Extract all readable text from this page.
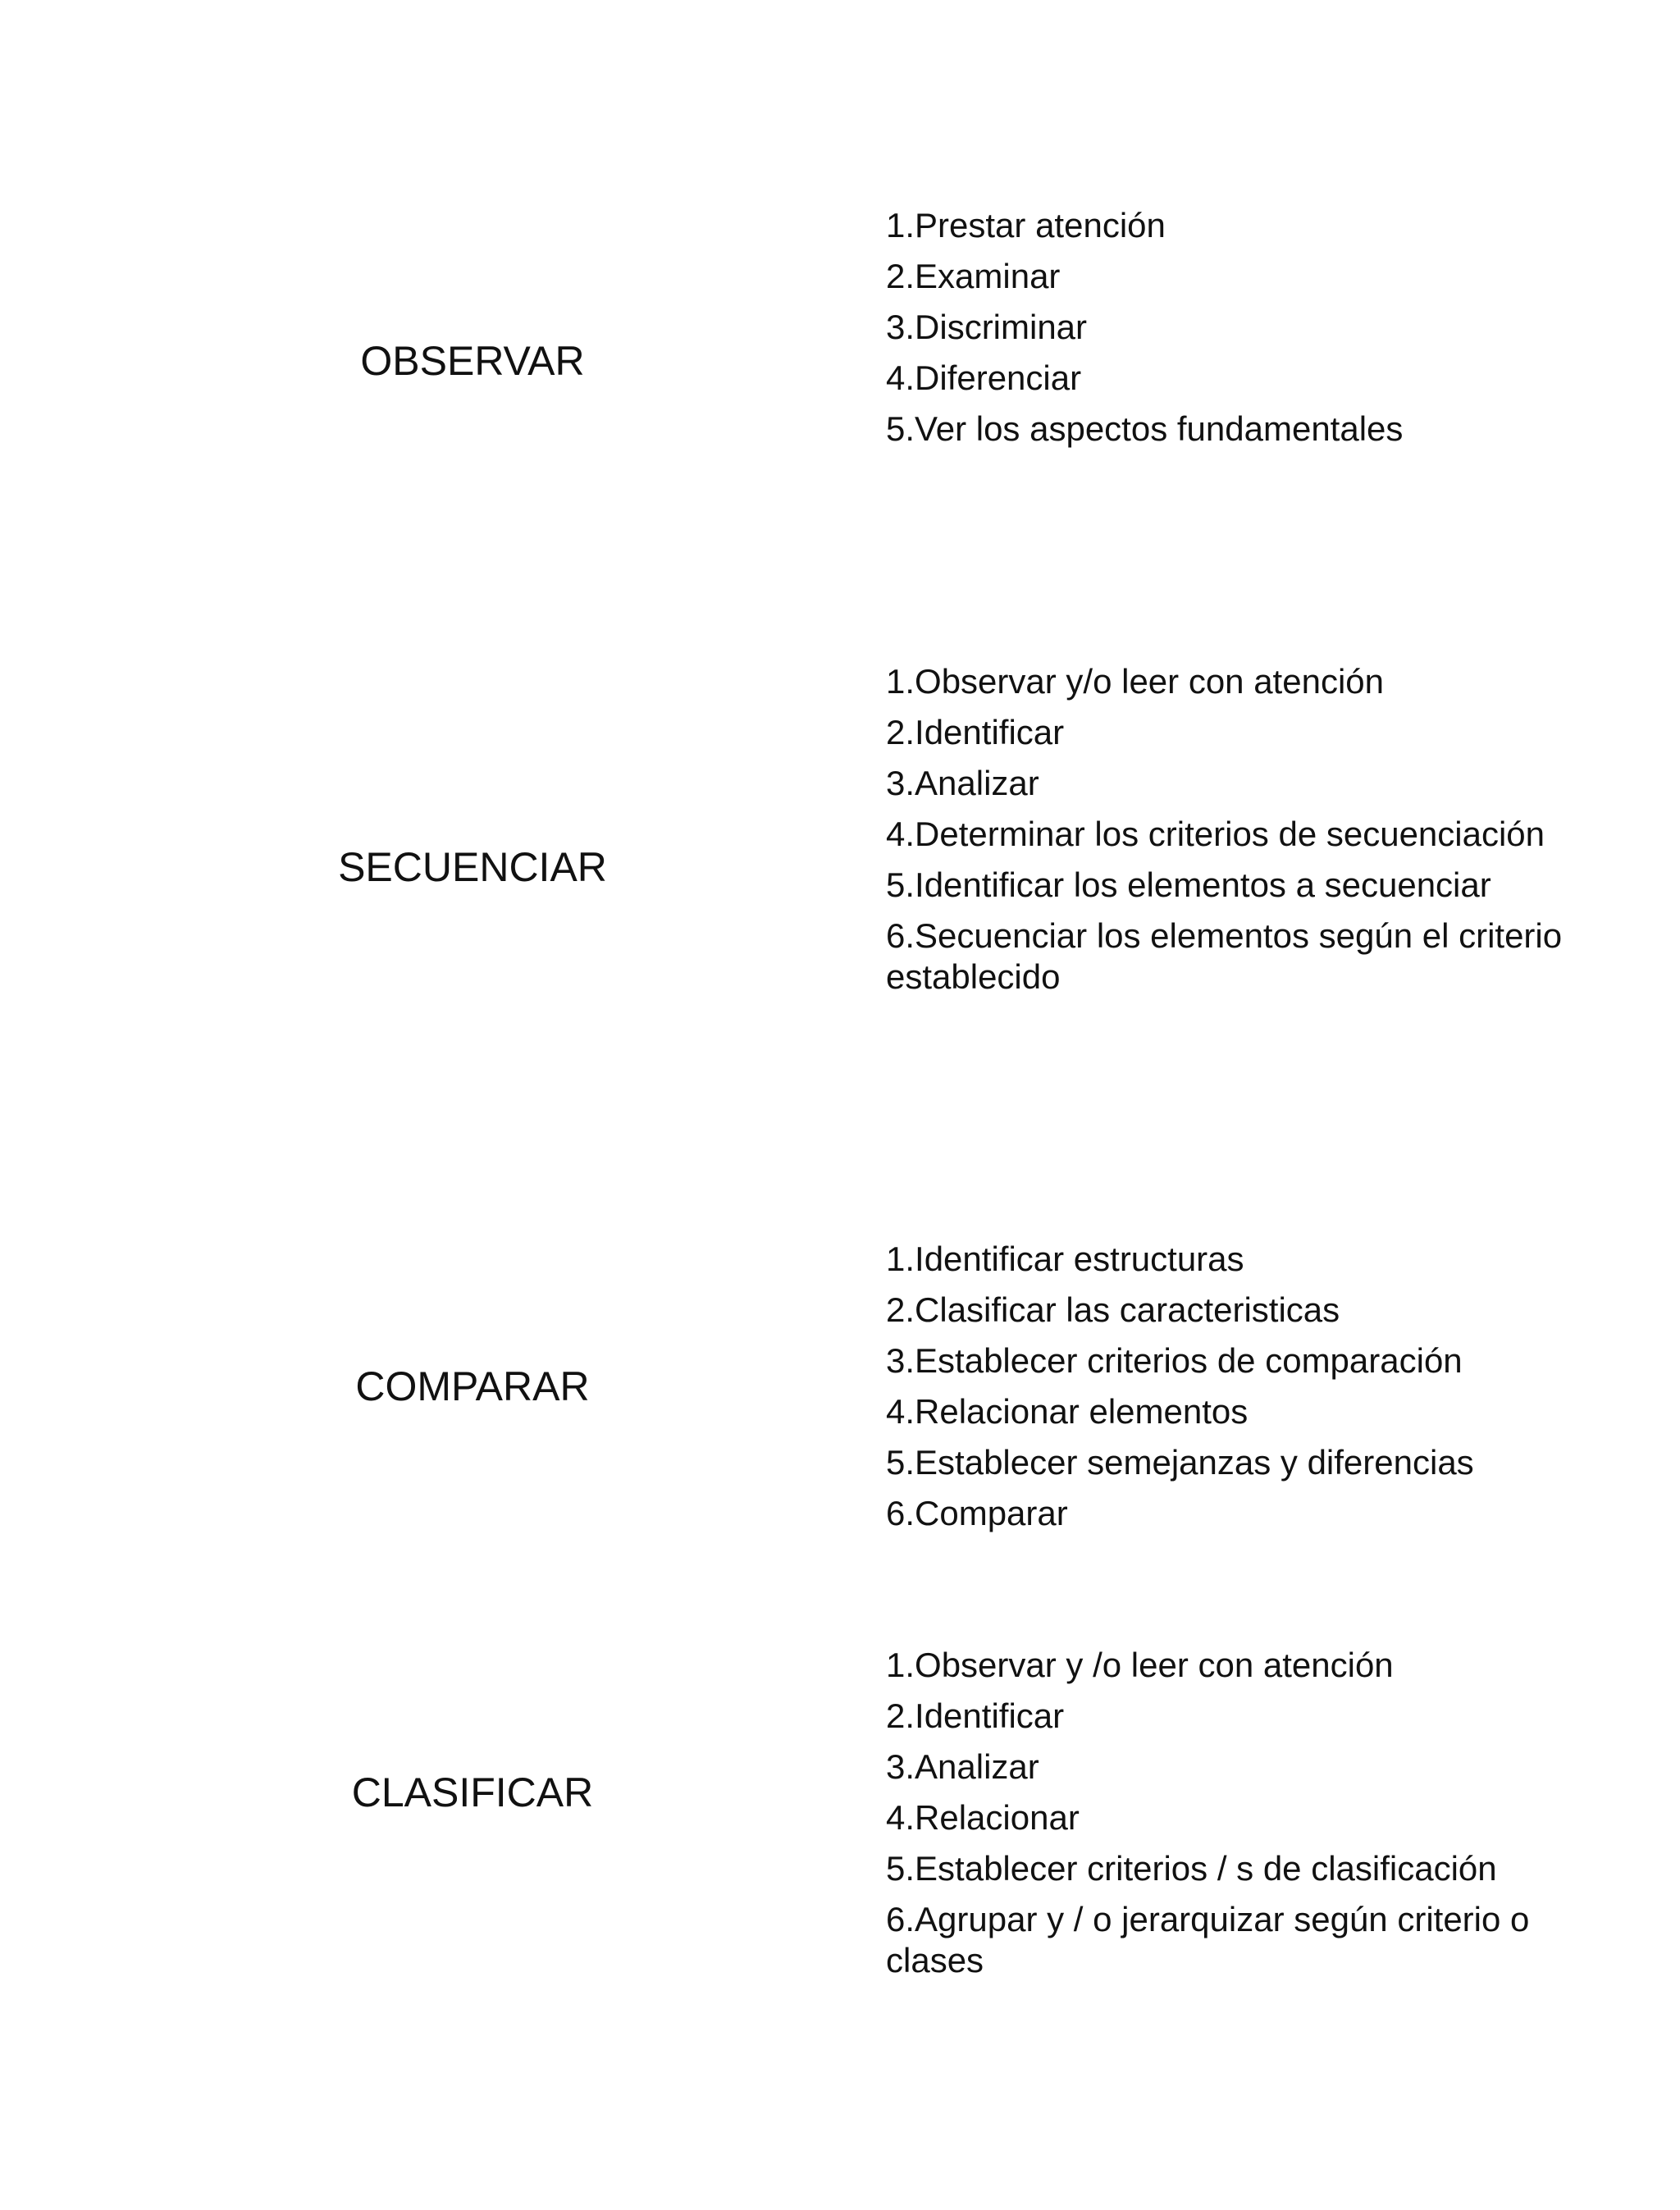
OBSERVAR
1.Prestar atención
2.Examinar
3.Discriminar
4.Diferenciar
5.Ver los aspectos fundamentales
SECUENCIAR
1.Observar y/o leer con atención
2.Identificar
3.Analizar
4.Determinar los criterios de secuenciación
5.Identificar los elementos a secuenciar
6.Secuenciar los elementos según el criterio establecido
COMPARAR
1.Identificar estructuras
2.Clasificar las caracteristicas
3.Establecer criterios de comparación
4.Relacionar elementos
5.Establecer semejanzas y diferencias
6.Comparar
CLASIFICAR
1.Observar y /o leer con atención
2.Identificar
3.Analizar
4.Relacionar
5.Establecer criterios / s de clasificación
6.Agrupar y / o jerarquizar según criterio o clases
